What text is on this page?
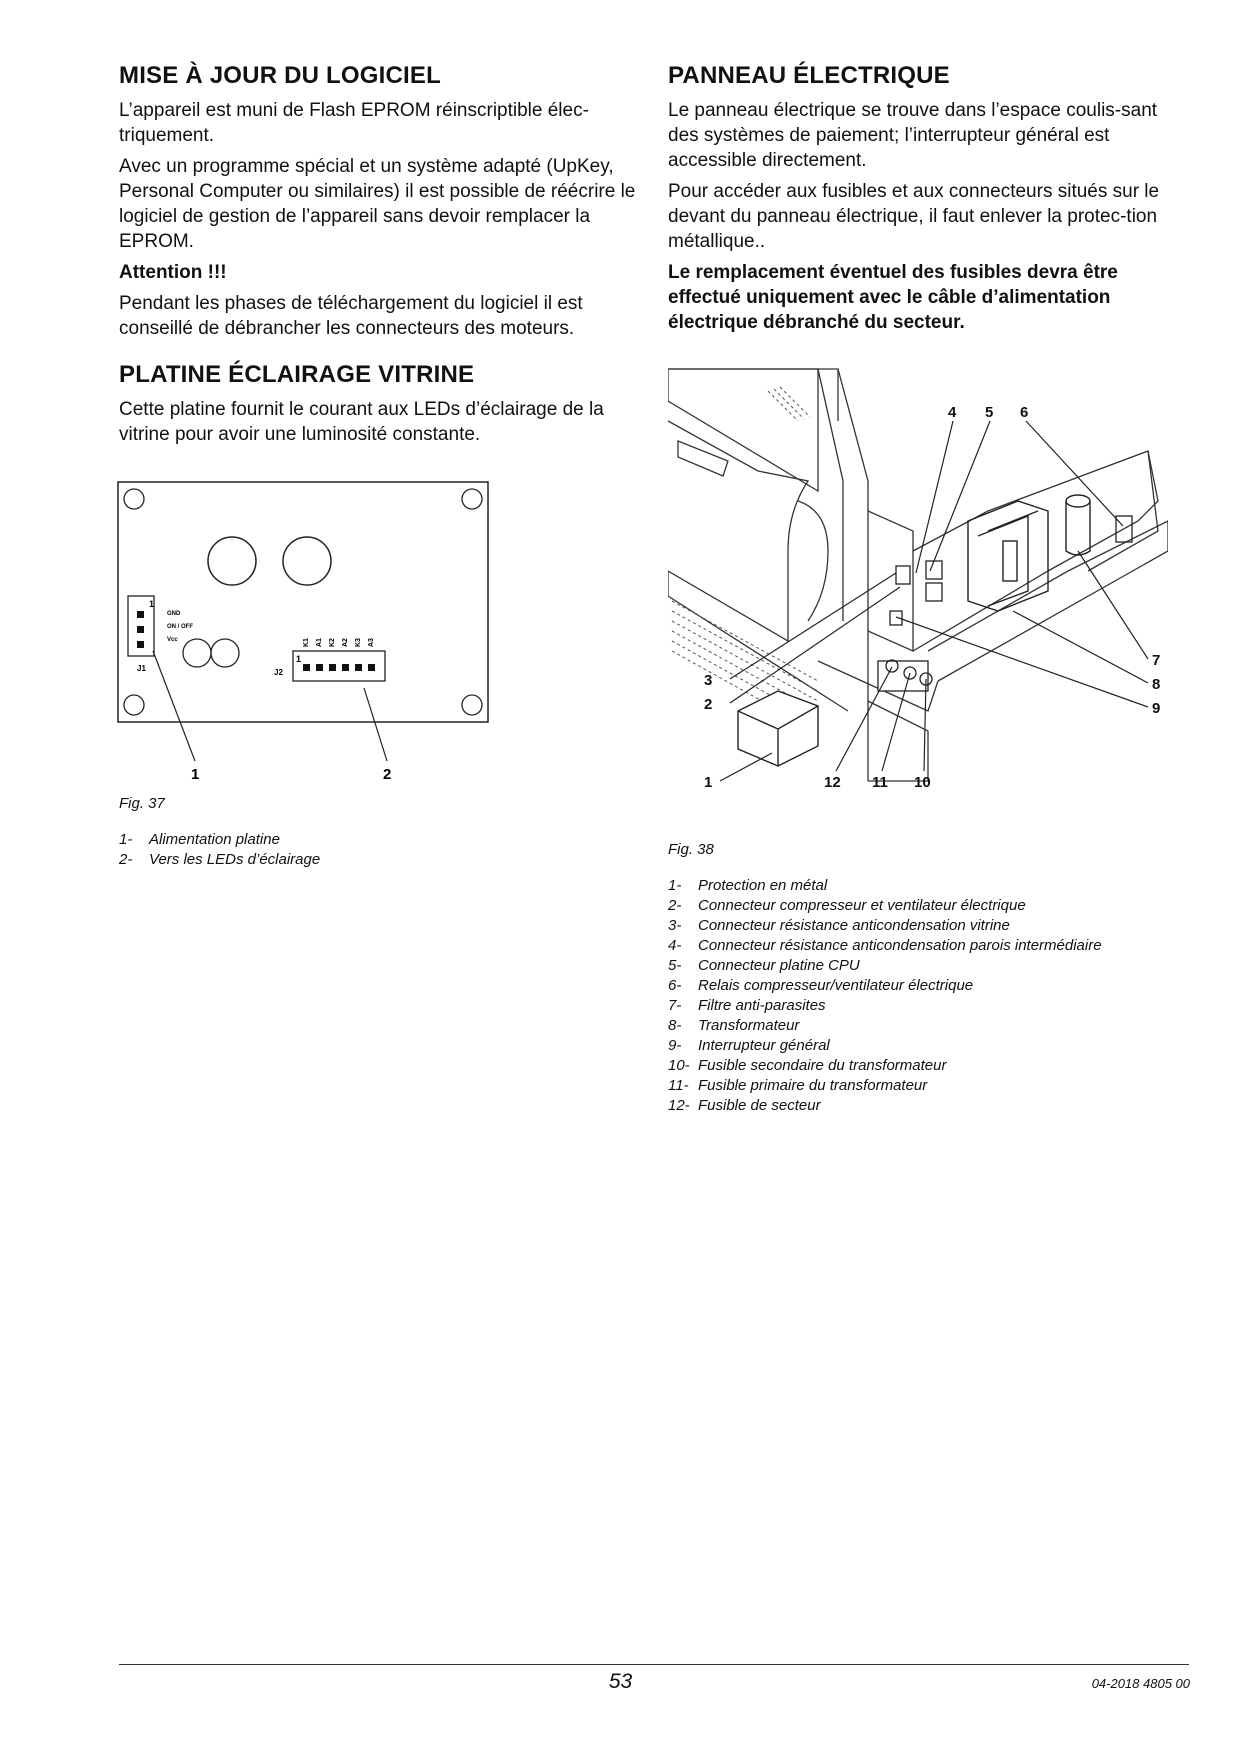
MISE À JOUR DU LOGICIEL

L’appareil est muni de Flash EPROM réinscriptible élec-triquement.

Avec un programme spécial et un système adapté (UpKey, Personal Computer ou similaires) il est possible de réécrire le logiciel de gestion de l’appareil sans devoir remplacer la EPROM.

Attention !!!

Pendant les phases de téléchargement du logiciel il est conseillé de débrancher les connecteurs des moteurs.

PLATINE ÉCLAIRAGE VITRINE

Cette platine fournit le courant aux LEDs d’éclairage de la vitrine pour avoir une luminosité constante.

1
GND
ON / OFF
Vcc
J1
1
J2
K1 A1 K2 A2 K3 A3
1	2

Fig. 37

1-	Alimentation platine
2-	Vers les LEDs d’éclairage
PANNEAU ÉLECTRIQUE

Le panneau électrique se trouve dans l’espace coulis-sant des systèmes de paiement; l’interrupteur général est accessible directement.

Pour accéder aux fusibles et aux connecteurs situés sur le devant du panneau électrique, il faut enlever la protec-tion métallique..

Le remplacement éventuel des fusibles devra être effectué uniquement avec le câble d’alimentation électrique débranché du secteur.

1
2
3
4 5 6
7
8
9
10
11
12

Fig. 38

1-	Protection en métal
2-	Connecteur compresseur et ventilateur électrique
3-	Connecteur résistance anticondensation vitrine
4-	Connecteur résistance anticondensation parois intermédiaire
5-	Connecteur platine CPU
6-	Relais compresseur/ventilateur électrique
7-	Filtre anti-parasites
8-	Transformateur
9-	Interrupteur général
10- Fusible secondaire du transformateur
11- Fusible primaire du transformateur
12- Fusible de secteur
53	04-2018 4805 00
